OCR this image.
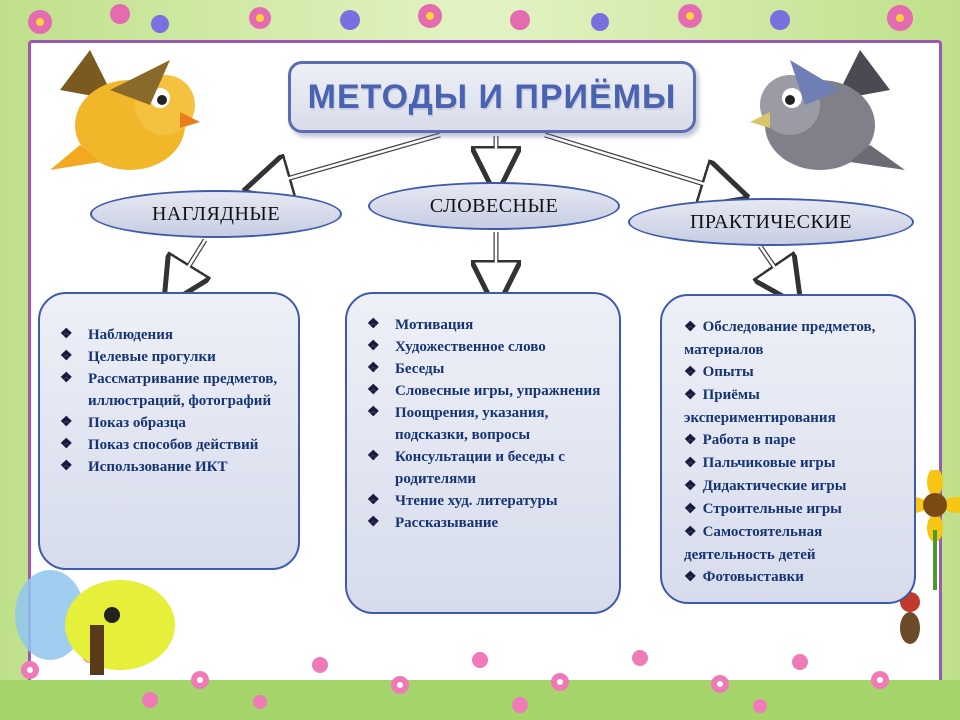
МЕТОДЫ И ПРИЁМЫ
НАГЛЯДНЫЕ	СЛОВЕСНЫЕ
ПРАКТИЧЕСКИЕ
❖ Наблюдения
❖ Целевые прогулки
❖ Рассматривание предметов, иллюстраций, фотографий
❖ Показ образца
❖ Показ способов действий
❖ Использование ИКТ
❖ Мотивация
❖ Художественное слово
❖ Беседы
❖ Словесные игры, упражнения
❖ Поощрения, указания, подсказки, вопросы
❖ Консультации и беседы с родителями
❖ Чтение худ. литературы
❖ Рассказывание
❖ Обследование предметов, материалов
❖ Опыты
❖ Приёмы экспериментирования
❖ Работа в паре
❖ Пальчиковые игры
❖ Дидактические игры
❖ Строительные игры
❖ Самостоятельная деятельность детей
❖ Фотовыставки
